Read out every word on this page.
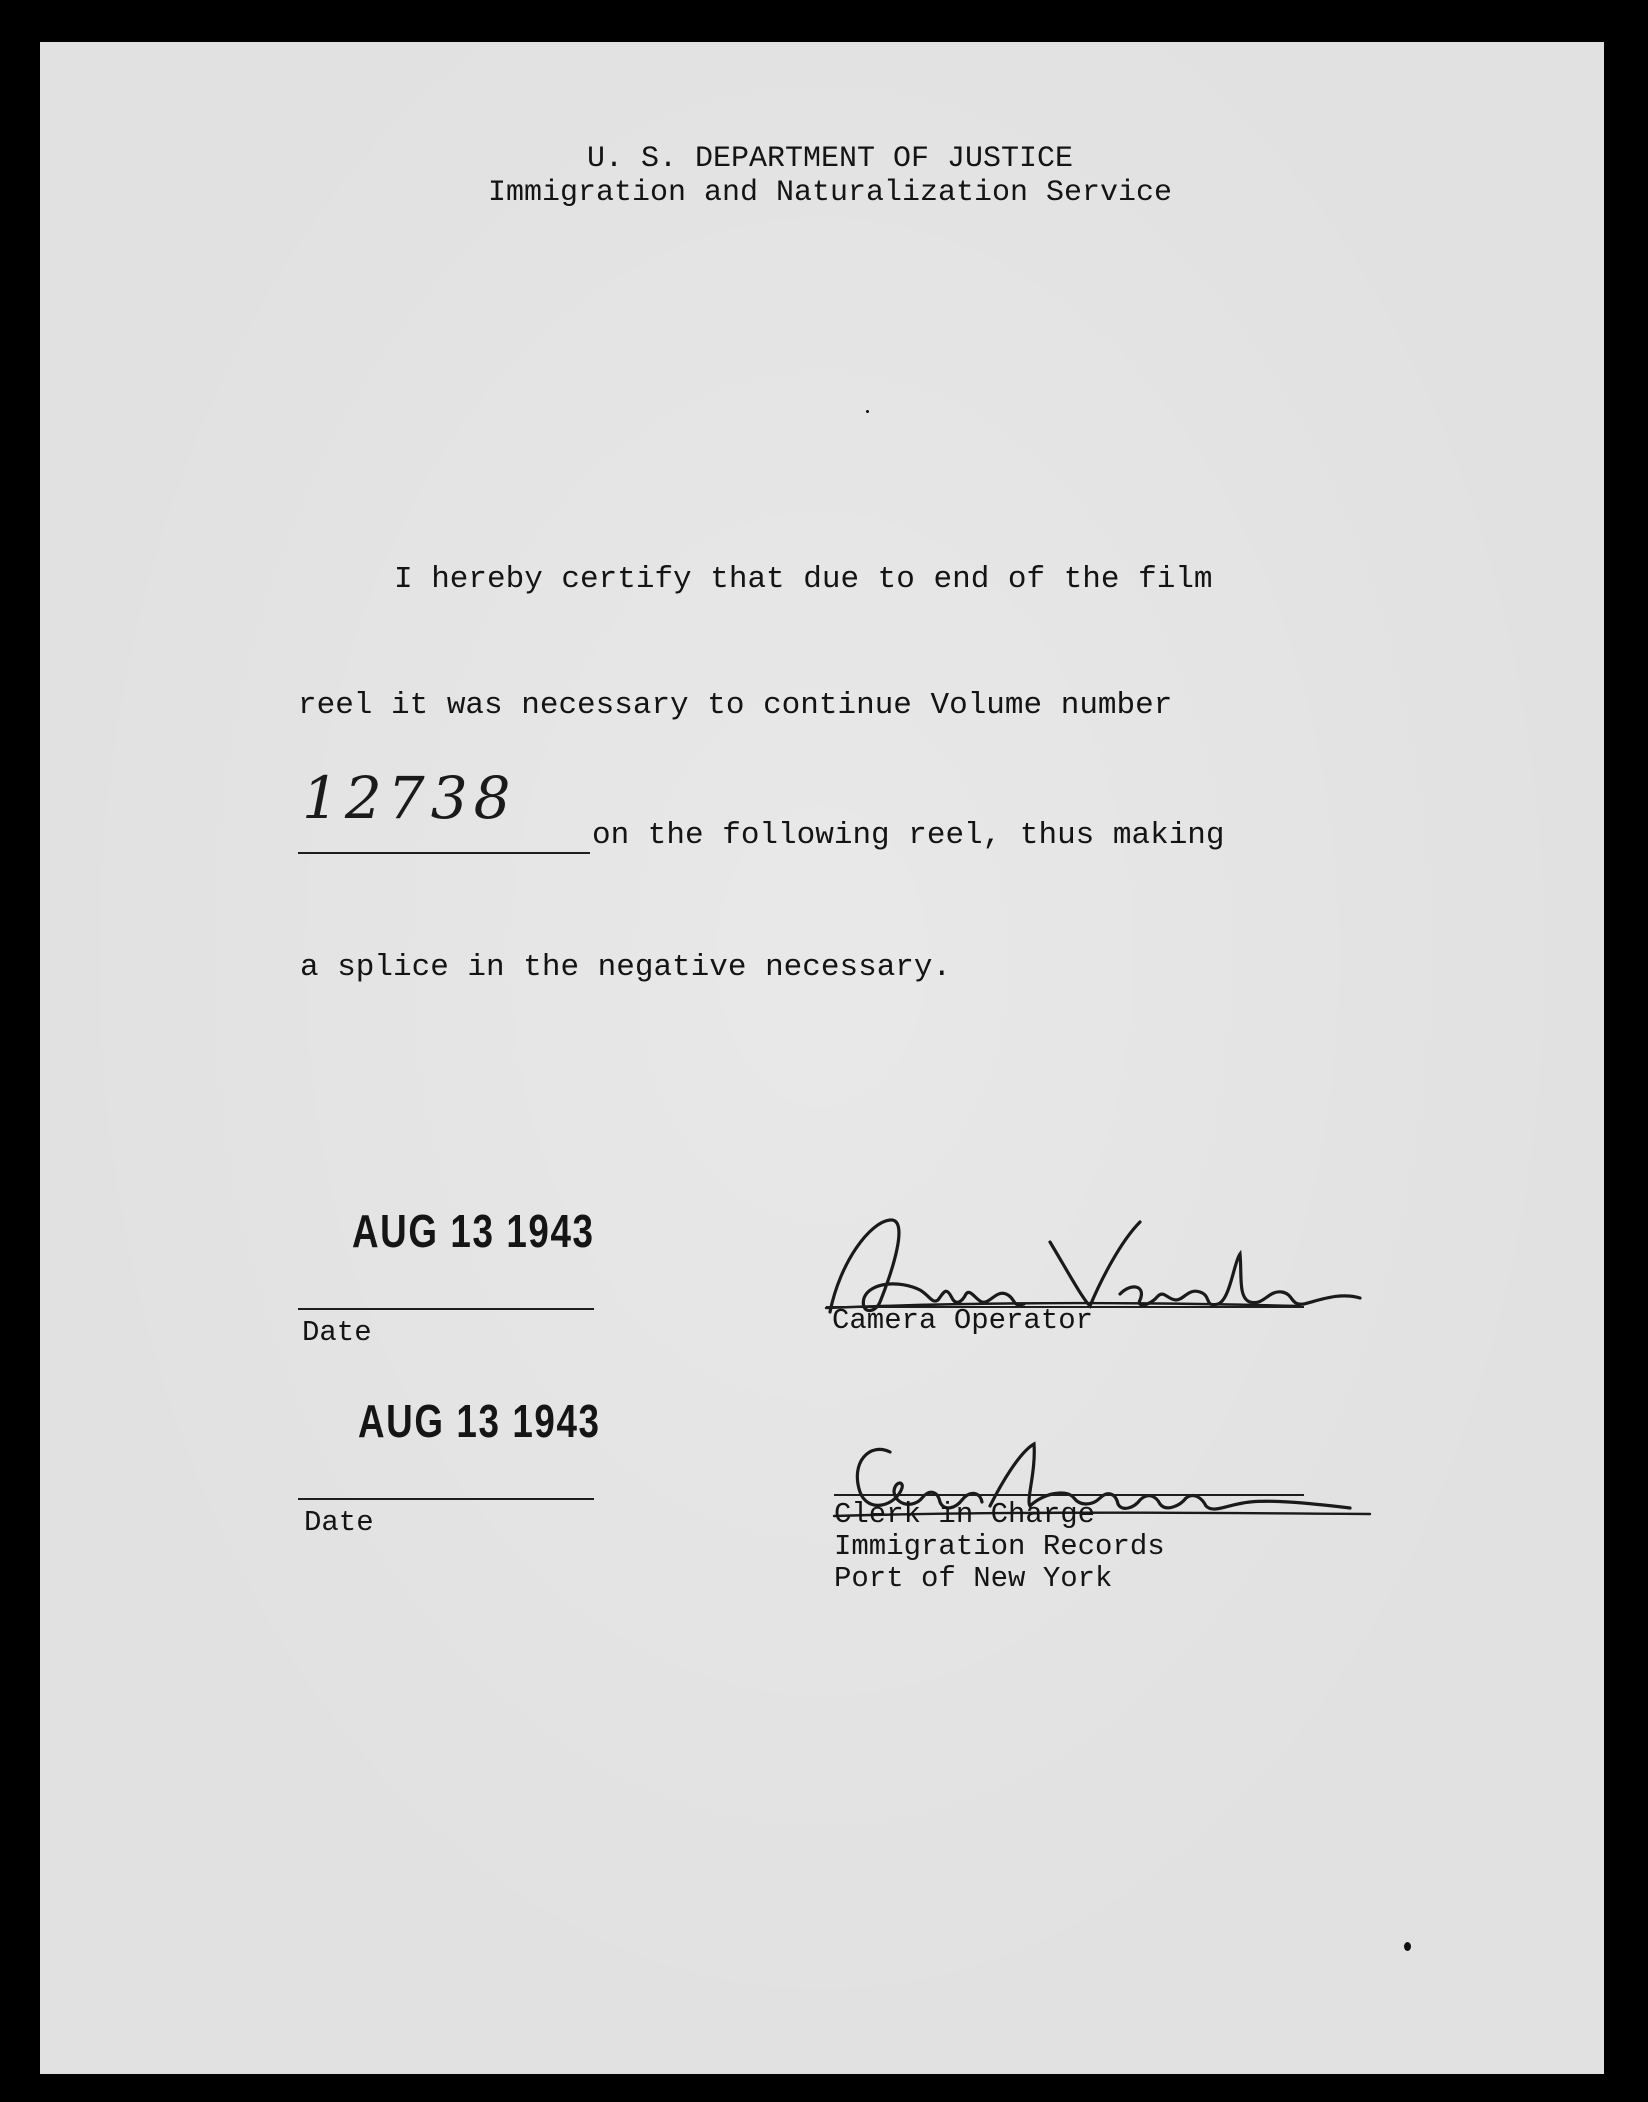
U. S. DEPARTMENT OF JUSTICE

Immigration and Naturalization Service

I hereby certify that due to end of the film

reel it was necessary to continue Volume number

12738

on the following reel, thus making

a splice in the negative necessary.

AUG 13 1943

Date

AUG 13 1943

Date

Camera Operator

Clerk in Charge

Immigration Records

Port of New York
